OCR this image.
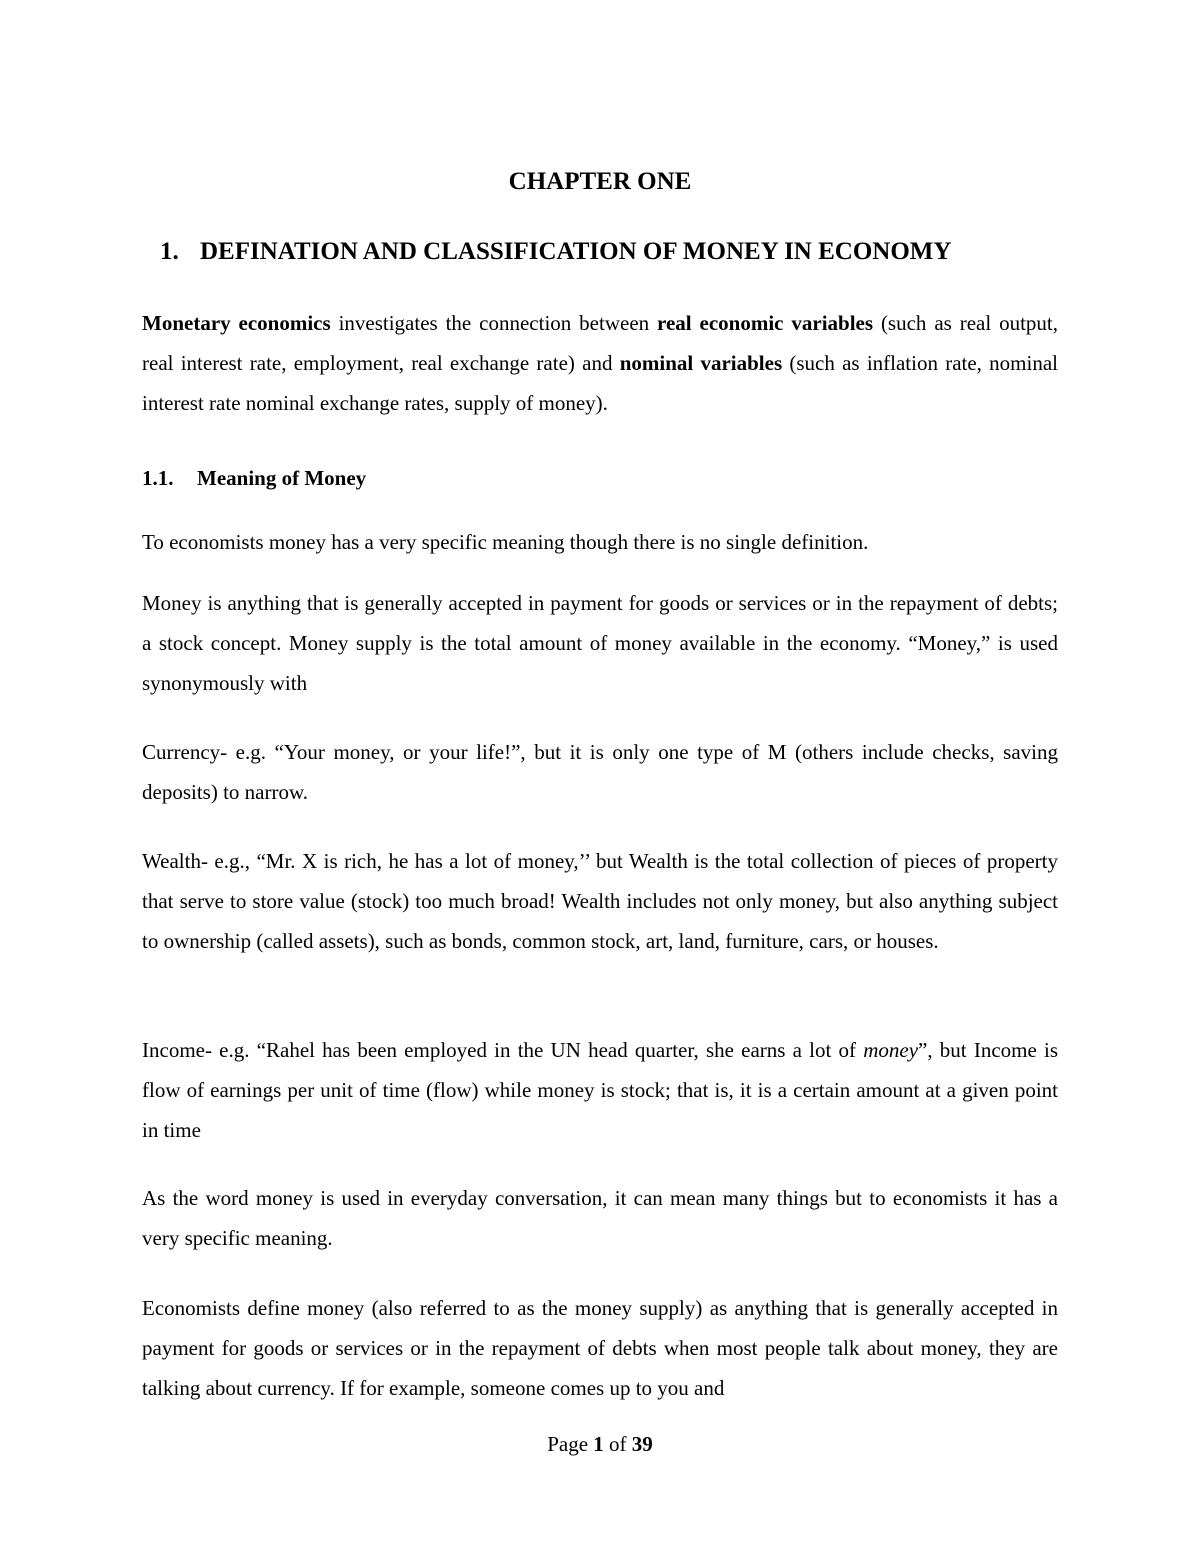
CHAPTER ONE
1. DEFINATION AND CLASSIFICATION OF MONEY IN ECONOMY
Monetary economics investigates the connection between real economic variables (such as real output, real interest rate, employment, real exchange rate) and nominal variables (such as inflation rate, nominal interest rate nominal exchange rates, supply of money).
1.1. Meaning of Money
To economists money has a very specific meaning though there is no single definition.
Money is anything that is generally accepted in payment for goods or services or in the repayment of debts; a stock concept. Money supply is the total amount of money available in the economy. “Money,” is used synonymously with
Currency- e.g. “Your money, or your life!”, but it is only one type of M (others include checks, saving deposits) to narrow.
Wealth- e.g., “Mr. X is rich, he has a lot of money,’’ but Wealth is the total collection of pieces of property that serve to store value (stock) too much broad! Wealth includes not only money, but also anything subject to ownership (called assets), such as bonds, common stock, art, land, furniture, cars, or houses.
Income- e.g. “Rahel has been employed in the UN head quarter, she earns a lot of money”, but Income is flow of earnings per unit of time (flow) while money is stock; that is, it is a certain amount at a given point in time
As the word money is used in everyday conversation, it can mean many things but to economists it has a very specific meaning.
Economists define money (also referred to as the money supply) as anything that is generally accepted in payment for goods or services or in the repayment of debts when most people talk about money, they are talking about currency. If for example, someone comes up to you and
Page 1 of 39
